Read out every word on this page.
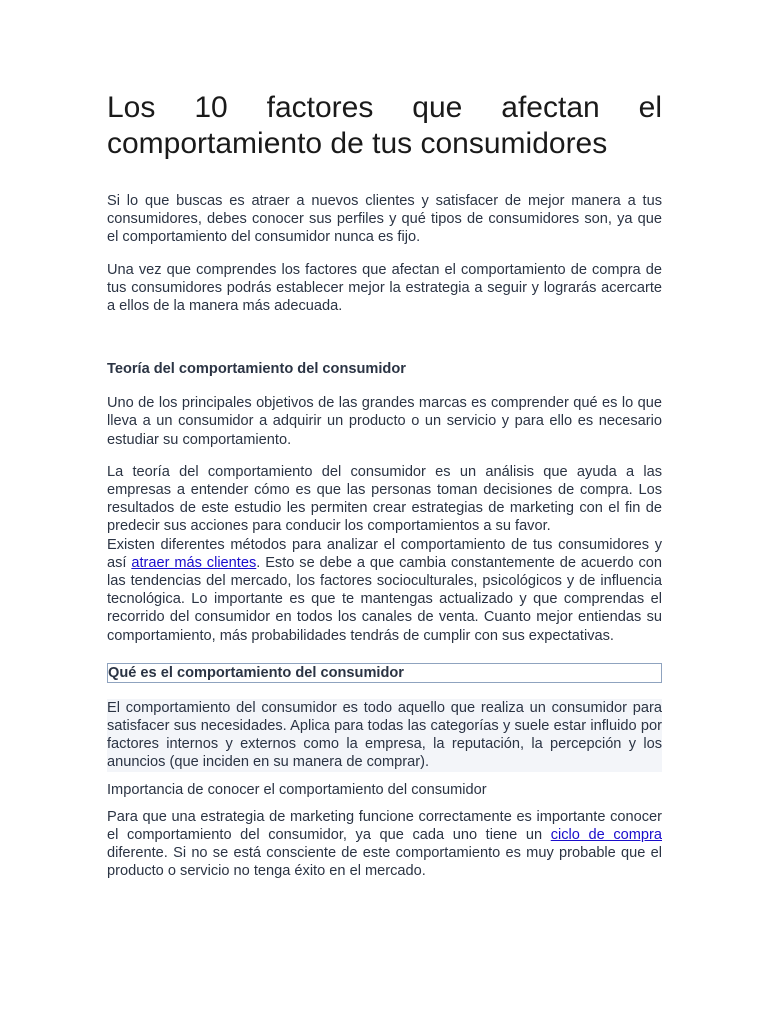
Los 10 factores que afectan el
comportamiento de tus consumidores

Si lo que buscas es atraer a nuevos clientes y satisfacer de mejor manera a tus consumidores, debes conocer sus perfiles y qué tipos de consumidores son, ya que el comportamiento del consumidor nunca es fijo.

Una vez que comprendes los factores que afectan el comportamiento de compra de tus consumidores podrás establecer mejor la estrategia a seguir y lograrás acercarte a ellos de la manera más adecuada.

Teoría del comportamiento del consumidor

Uno de los principales objetivos de las grandes marcas es comprender qué es lo que lleva a un consumidor a adquirir un producto o un servicio y para ello es necesario estudiar su comportamiento.

La teoría del comportamiento del consumidor es un análisis que ayuda a las empresas a entender cómo es que las personas toman decisiones de compra. Los resultados de este estudio les permiten crear estrategias de marketing con el fin de predecir sus acciones para conducir los comportamientos a su favor.

Existen diferentes métodos para analizar el comportamiento de tus consumidores y así atraer más clientes. Esto se debe a que cambia constantemente de acuerdo con las tendencias del mercado, los factores socioculturales, psicológicos y de influencia tecnológica. Lo importante es que te mantengas actualizado y que comprendas el recorrido del consumidor en todos los canales de venta. Cuanto mejor entiendas su comportamiento, más probabilidades tendrás de cumplir con sus expectativas.

Qué es el comportamiento del consumidor

El comportamiento del consumidor es todo aquello que realiza un consumidor para satisfacer sus necesidades. Aplica para todas las categorías y suele estar influido por factores internos y externos como la empresa, la reputación, la percepción y los anuncios (que inciden en su manera de comprar).

Importancia de conocer el comportamiento del consumidor

Para que una estrategia de marketing funcione correctamente es importante conocer el comportamiento del consumidor, ya que cada uno tiene un ciclo de compra diferente. Si no se está consciente de este comportamiento es muy probable que el producto o servicio no tenga éxito en el mercado.
